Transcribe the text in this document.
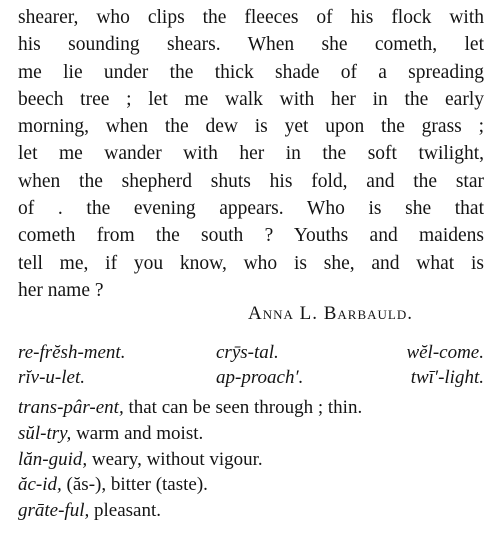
shearer, who clips the fleeces of his flock with
his sounding shears. When she cometh, let
me lie under the thick shade of a spreading
beech tree ; let me walk with her in the early
morning, when the dew is yet upon the grass ;
let me wander with her in the soft twilight,
when the shepherd shuts his fold, and the star
of . the evening appears. Who is she that
cometh from the south ? Youths and maidens
tell me, if you know, who is she, and what is
her name ?
Anna L. Barbauld.
re-frĕsh-ment.	crȳs-tal.	wĕl-come.
rĭv-u-let.	ap-proach′.	twī′-light.
trans-pâr-ent, that can be seen through ; thin.
sŭl-try, warm and moist.
lăn-guid, weary, without vigour.
ăc-id, (ăs-), bitter (taste).
grāte-ful, pleasant.
